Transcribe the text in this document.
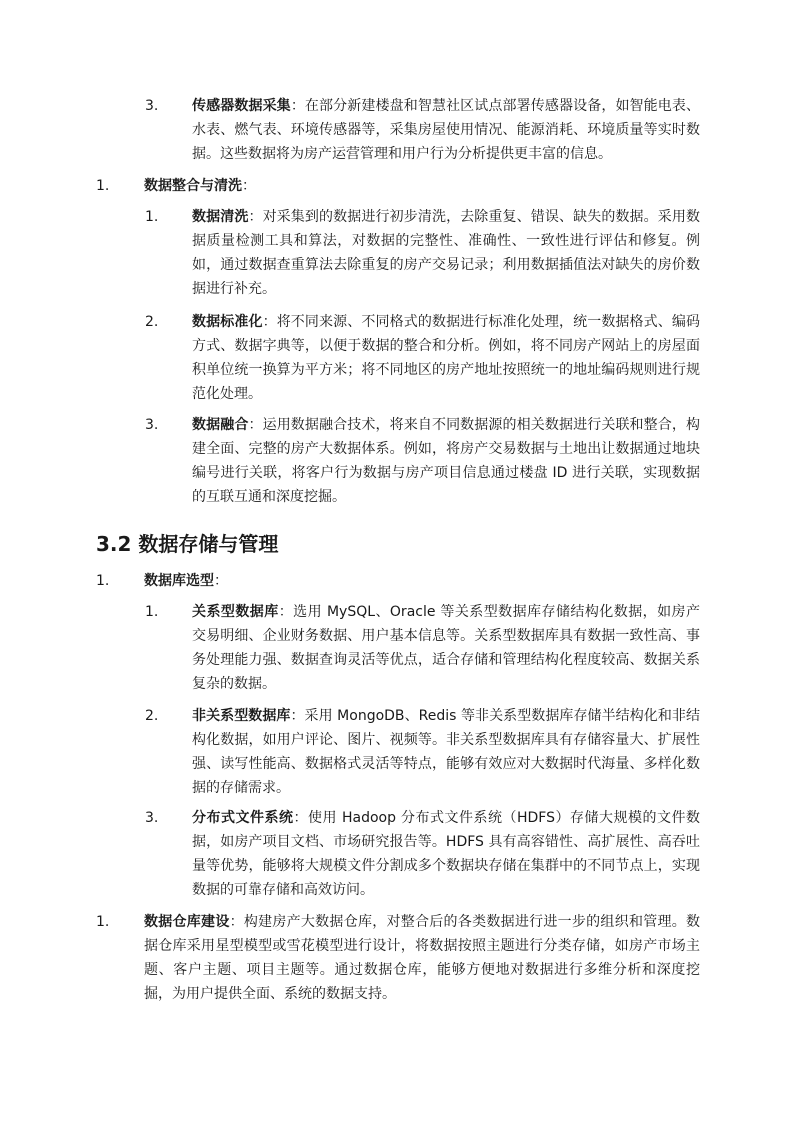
3. 传感器数据采集：在部分新建楼盘和智慧社区试点部署传感器设备，如智能电表、水表、燃气表、环境传感器等，采集房屋使用情况、能源消耗、环境质量等实时数据。这些数据将为房产运营管理和用户行为分析提供更丰富的信息。
1. 数据整合与清洗：
1. 数据清洗：对采集到的数据进行初步清洗，去除重复、错误、缺失的数据。采用数据质量检测工具和算法，对数据的完整性、准确性、一致性进行评估和修复。例如，通过数据查重算法去除重复的房产交易记录；利用数据插值法对缺失的房价数据进行补充。
2. 数据标准化：将不同来源、不同格式的数据进行标准化处理，统一数据格式、编码方式、数据字典等，以便于数据的整合和分析。例如，将不同房产网站上的房屋面积单位统一换算为平方米；将不同地区的房产地址按照统一的地址编码规则进行规范化处理。
3. 数据融合：运用数据融合技术，将来自不同数据源的相关数据进行关联和整合，构建全面、完整的房产大数据体系。例如，将房产交易数据与土地出让数据通过地块编号进行关联，将客户行为数据与房产项目信息通过楼盘 ID 进行关联，实现数据的互联互通和深度挖掘。
3.2 数据存储与管理
1. 数据库选型：
1. 关系型数据库：选用 MySQL、Oracle 等关系型数据库存储结构化数据，如房产交易明细、企业财务数据、用户基本信息等。关系型数据库具有数据一致性高、事务处理能力强、数据查询灵活等优点，适合存储和管理结构化程度较高、数据关系复杂的数据。
2. 非关系型数据库：采用 MongoDB、Redis 等非关系型数据库存储半结构化和非结构化数据，如用户评论、图片、视频等。非关系型数据库具有存储容量大、扩展性强、读写性能高、数据格式灵活等特点，能够有效应对大数据时代海量、多样化数据的存储需求。
3. 分布式文件系统：使用 Hadoop 分布式文件系统（HDFS）存储大规模的文件数据，如房产项目文档、市场研究报告等。HDFS 具有高容错性、高扩展性、高吞吐量等优势，能够将大规模文件分割成多个数据块存储在集群中的不同节点上，实现数据的可靠存储和高效访问。
1. 数据仓库建设：构建房产大数据仓库，对整合后的各类数据进行进一步的组织和管理。数据仓库采用星型模型或雪花模型进行设计，将数据按照主题进行分类存储，如房产市场主题、客户主题、项目主题等。通过数据仓库，能够方便地对数据进行多维分析和深度挖掘，为用户提供全面、系统的数据支持。
